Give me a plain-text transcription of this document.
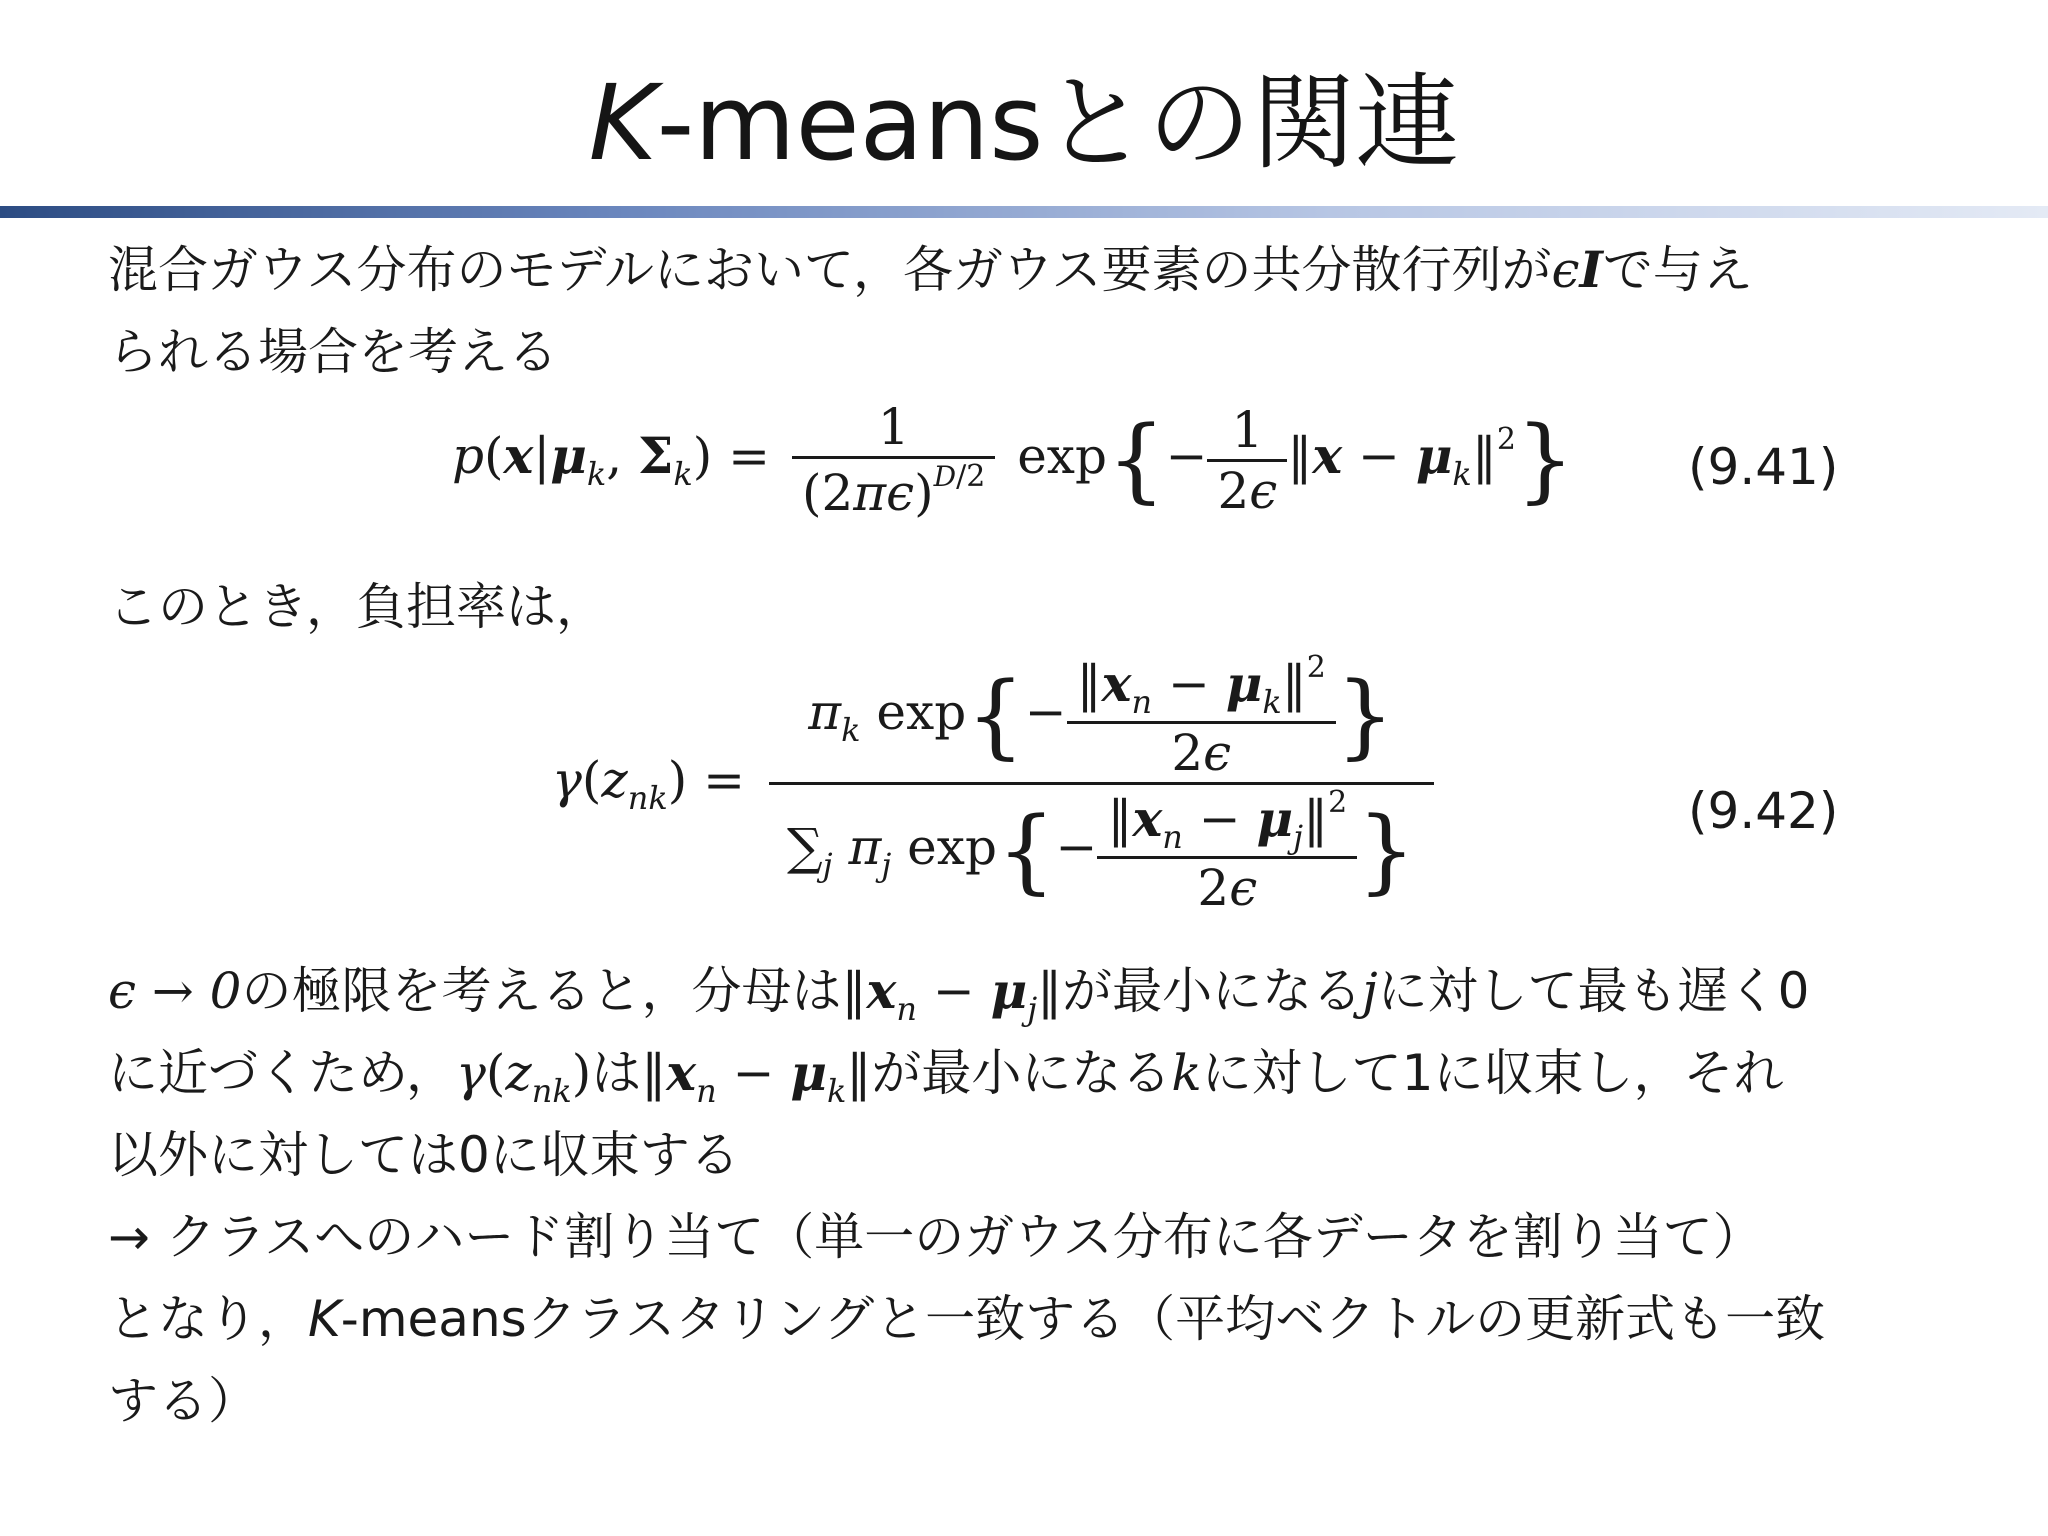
K-meansとの関連
混合ガウス分布のモデルにおいて，各ガウス要素の共分散行列がϵIで与え
られる場合を考える
$p(x|\mu_k$, $\Sigma_k) = \frac{1}{(2\pi\epsilon)^{D/2}} \exp\{- \frac{1}{2\epsilon}$ ‖x − $\mu_k‖^2$} (9.41)
このとき，負担率は，
$\gamma(z_{nk}) = \frac{\pi_k \exp\{- \frac{‖x_n - \mu_k‖^2}{2\epsilon} \}}{\sum_j \pi_j \exp\{- \frac{‖x_n - \mu_j‖^2}{2\epsilon} \}}$	(9.42)
ϵ → 0の極限を考えると，分母は$‖x_n$ − $\mu_j‖$が最小になるjに対して最も遅く0
に近づくため，$\gamma(z_{nk})$は$‖x_n$ − $\mu_k‖$が最小になるkに対して1に収束し，それ
以外に対しては0に収束する
→ クラスへのハード割り当て（単一のガウス分布に各データを割り当て）
となり，K-meansクラスタリングと一致する（平均ベクトルの更新式も一致
する）
